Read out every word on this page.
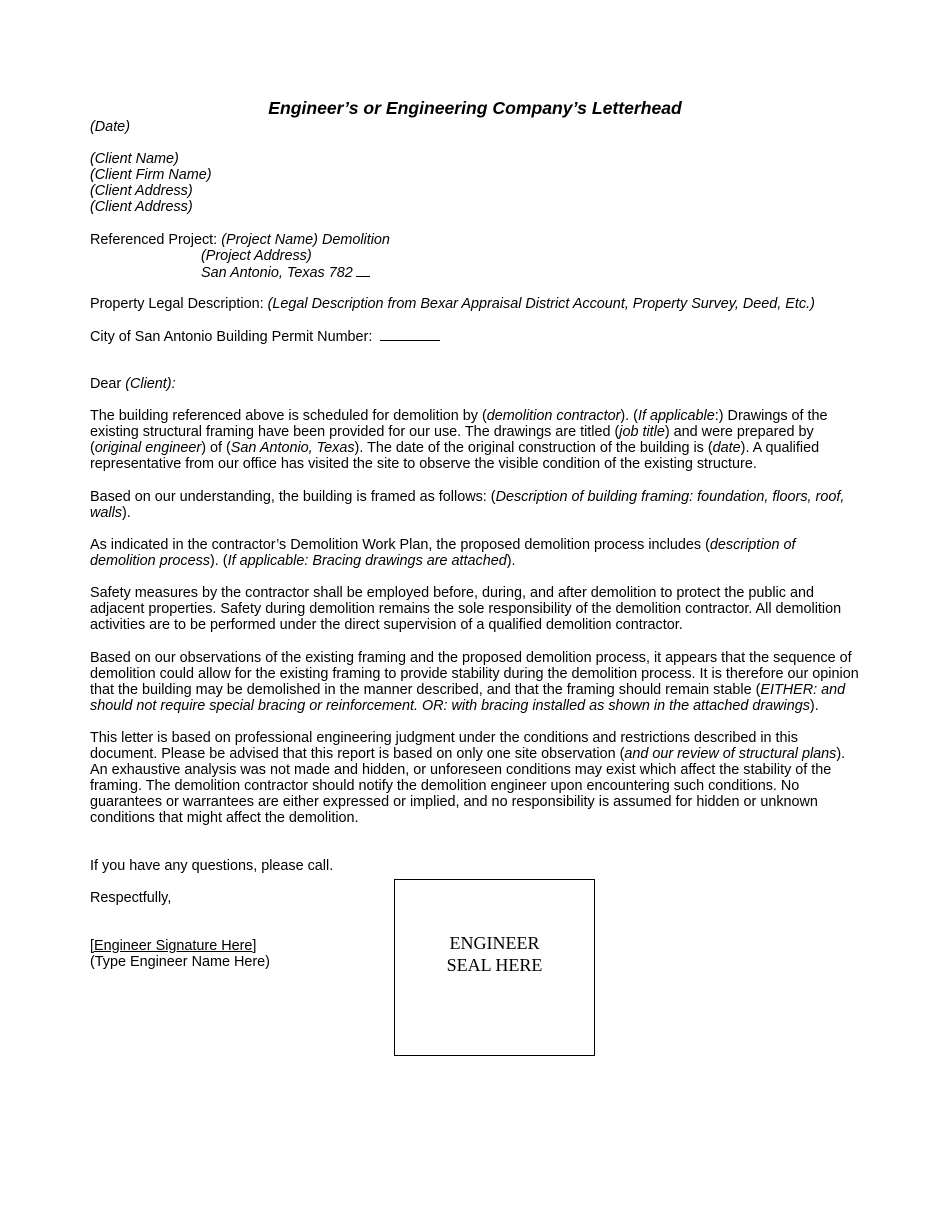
Engineer’s or Engineering Company’s Letterhead
(Date)
(Client Name)
(Client Firm Name)
(Client Address)
(Client Address)
Referenced Project: (Project Name) Demolition
(Project Address)
San Antonio, Texas 782
Property Legal Description: (Legal Description from Bexar Appraisal District Account, Property Survey, Deed, Etc.)
City of San Antonio Building Permit Number:
Dear (Client):

The building referenced above is scheduled for demolition by (demolition contractor). (If applicable:) Drawings of the existing structural framing have been provided for our use. The drawings are titled (job title) and were prepared by (original engineer) of (San Antonio, Texas). The date of the original construction of the building is (date). A qualified representative from our office has visited the site to observe the visible condition of the existing structure.

Based on our understanding, the building is framed as follows: (Description of building framing: foundation, floors, roof, walls).

As indicated in the contractor’s Demolition Work Plan, the proposed demolition process includes (description of demolition process). (If applicable: Bracing drawings are attached).

Safety measures by the contractor shall be employed before, during, and after demolition to protect the public and adjacent properties. Safety during demolition remains the sole responsibility of the demolition contractor. All demolition activities are to be performed under the direct supervision of a qualified demolition contractor.

Based on our observations of the existing framing and the proposed demolition process, it appears that the sequence of demolition could allow for the existing framing to provide stability during the demolition process. It is therefore our opinion that the building may be demolished in the manner described, and that the framing should remain stable (EITHER: and should not require special bracing or reinforcement. OR: with bracing installed as shown in the attached drawings).

This letter is based on professional engineering judgment under the conditions and restrictions described in this document. Please be advised that this report is based on only one site observation (and our review of structural plans). An exhaustive analysis was not made and hidden, or unforeseen conditions may exist which affect the stability of the framing. The demolition contractor should notify the demolition engineer upon encountering such conditions. No guarantees or warrantees are either expressed or implied, and no responsibility is assumed for hidden or unknown conditions that might affect the demolition.

If you have any questions, please call.
Respectfully,
[Engineer Signature Here]
(Type Engineer Name Here)
ENGINEER
SEAL HERE
